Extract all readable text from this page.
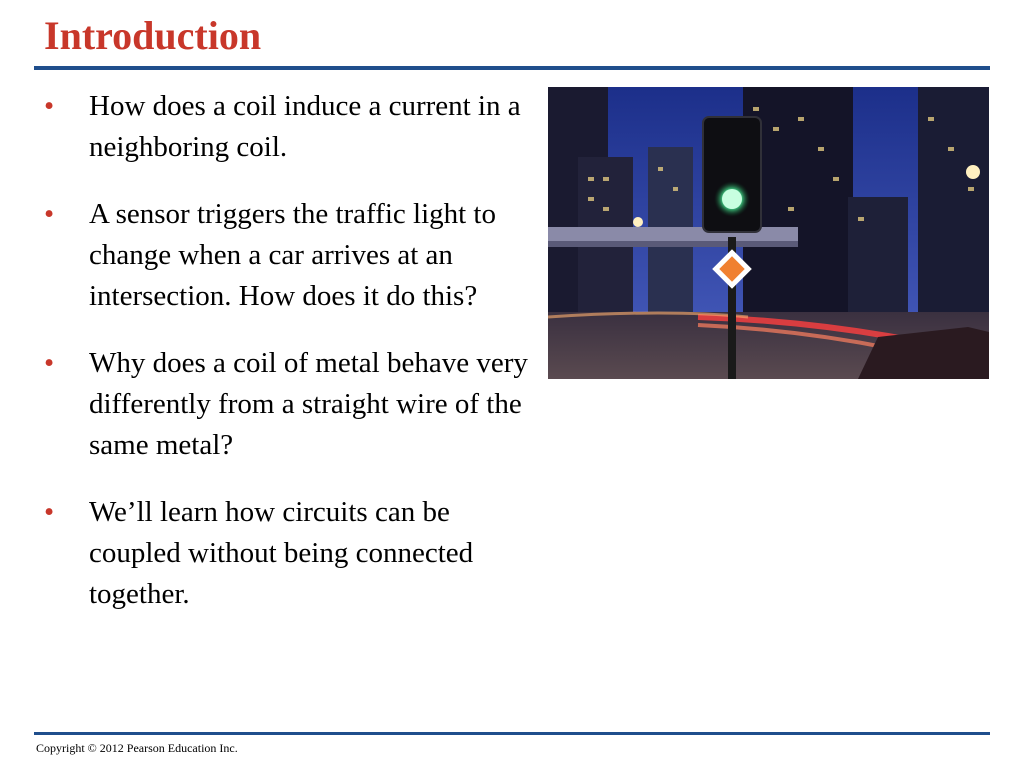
Introduction
• How does a coil induce a current in a neighboring coil.
• A sensor triggers the traffic light to change when a car arrives at an intersection. How does it do this?
• Why does a coil of metal behave very differently from a straight wire of the same metal?
• We’ll learn how circuits can be coupled without being connected together.
Copyright © 2012 Pearson Education Inc.
